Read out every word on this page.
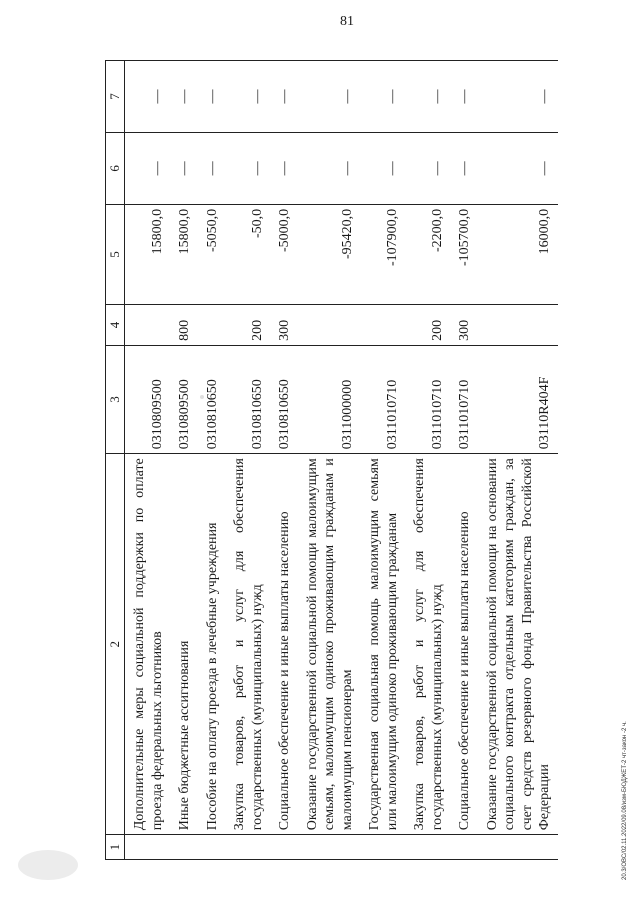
81
1	2	3	4	5	6	7
	Дополнительные меры социальной поддержки по оплате проезда федеральных льготников	0310809500		15800,0	—	—
	Иные бюджетные ассигнования	0310809500	800	15800,0	—	—
	Пособие на оплату проезда в лечебные учреждения	0310810650		-5050,0	—	—
	Закупка товаров, работ и услуг для обеспечения государственных (муниципальных) нужд	0310810650	200	-50,0	—	—
	Социальное обеспечение и иные выплаты населению	0310810650	300	-5000,0	—	—
	Оказание государственной социальной помощи малоимущим семьям, малоимущим одиноко проживающим гражданам и малоимущим пенсионерам	0311000000		-95420,0	—	—
	Государственная социальная помощь малоимущим семьям или малоимущим одиноко проживающим гражданам	0311010710		-107900,0	—	—
	Закупка товаров, работ и услуг для обеспечения государственных (муниципальных) нужд	0311010710	200	-2200,0	—	—
	Социальное обеспечение и иные выплаты населению	0311010710	300	-105700,0	—	—
	Оказание государственной социальной помощи на основании социального контракта отдельным категориям граждан, за счет средств резервного фонда Правительства Российской Федерации	03110R404F		16000,0	—	—
20.3/ОВС/02.11.2022/09.08/изм-БЮДЖЕТ-2 чт-закон -2 ч.
